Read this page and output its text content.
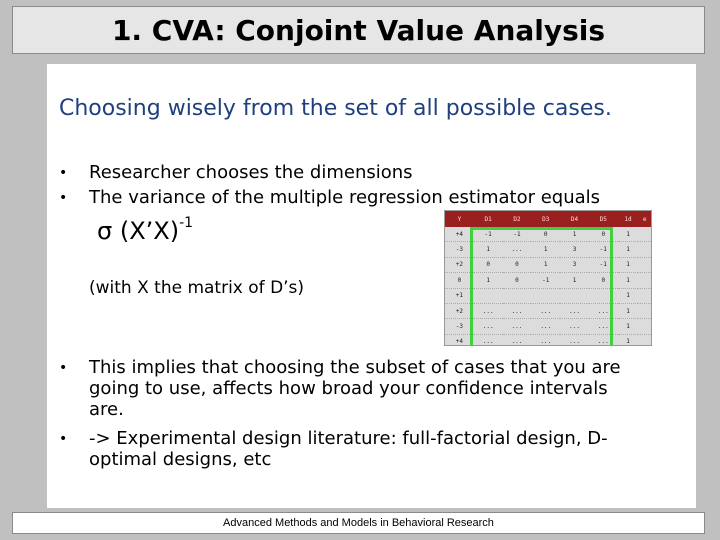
1. CVA: Conjoint Value Analysis
Choosing wisely from the set of all possible cases.
• Researcher chooses the dimensions
• The variance of the multiple regression estimator equals
σ (X’X)$^{-1}$
(with X the matrix of D’s)
Y	D1	D2	D3	D4	D5	1d	e
+4	-1	-1	0	1	0	1	
-3	1	...	1	3	-1	1	
+2	0	0	1	3	-1	1	
0	1	0	-1	1	0	1	
+1						1	
+2	...	...	...	...	...	1	
-3	...	...	...	...	...	1	
+4	...	...	...	...	...	1	

• This implies that choosing the subset of cases that you are
going to use, affects how broad your confidence intervals
are.
• -> Experimental design literature: full-factorial design, D-
optimal designs, etc
Advanced Methods and Models in Behavioral Research
